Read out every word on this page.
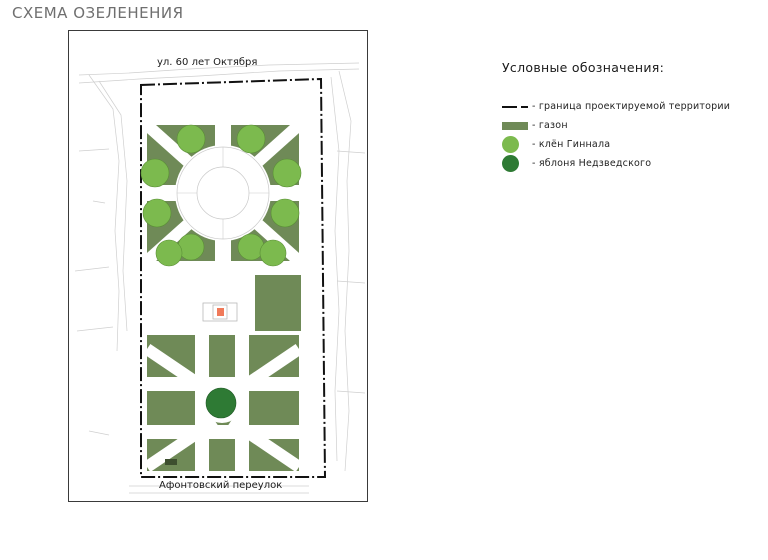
СХЕМА ОЗЕЛЕНЕНИЯ
ул. 60 лет Октября
Афонтовский переулок
Условные обозначения:
- граница проектируемой территории
- газон
- клён Гиннала
- яблоня Недзведского
